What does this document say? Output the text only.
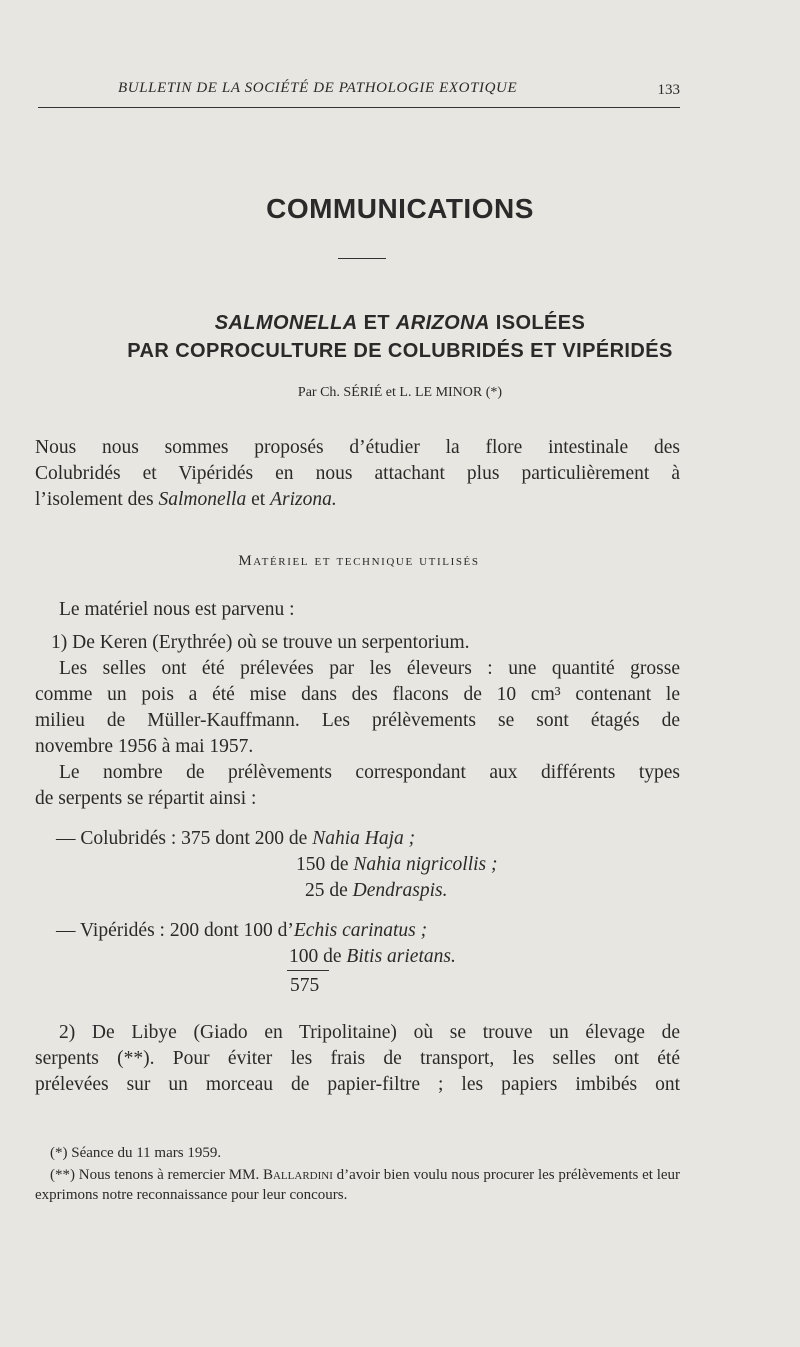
BULLETIN DE LA SOCIÉTÉ DE PATHOLOGIE EXOTIQUE	133
COMMUNICATIONS
SALMONELLA ET ARIZONA ISOLÉES
PAR COPROCULTURE DE COLUBRIDÉS ET VIPÉRIDÉS
Par Ch. SÉRIÉ et L. LE MINOR (*)
Nous nous sommes proposés d’étudier la flore intestinale des
Colubridés et Vipéridés en nous attachant plus particulièrement à
l’isolement des Salmonella et Arizona.
Matériel et technique utilisés
Le matériel nous est parvenu :
1) De Keren (Erythrée) où se trouve un serpentorium.
Les selles ont été prélevées par les éleveurs : une quantité grosse
comme un pois a été mise dans des flacons de 10 cm³ contenant le
milieu de Müller-Kauffmann. Les prélèvements se sont étagés de
novembre 1956 à mai 1957.
Le nombre de prélèvements correspondant aux différents types
de serpents se répartit ainsi :
— Colubridés : 375 dont 200 de Nahia Haja ;
150 de Nahia nigricollis ;
25 de Dendraspis.
— Vipéridés : 200 dont 100 d’Echis carinatus ;
100 de Bitis arietans.
575
2) De Libye (Giado en Tripolitaine) où se trouve un élevage de
serpents (**). Pour éviter les frais de transport, les selles ont été
prélevées sur un morceau de papier-filtre ; les papiers imbibés ont
(*) Séance du 11 mars 1959.
(**) Nous tenons à remercier MM. Ballardini d’avoir bien voulu nous procurer les prélèvements et leur exprimons notre reconnaissance pour leur concours.
